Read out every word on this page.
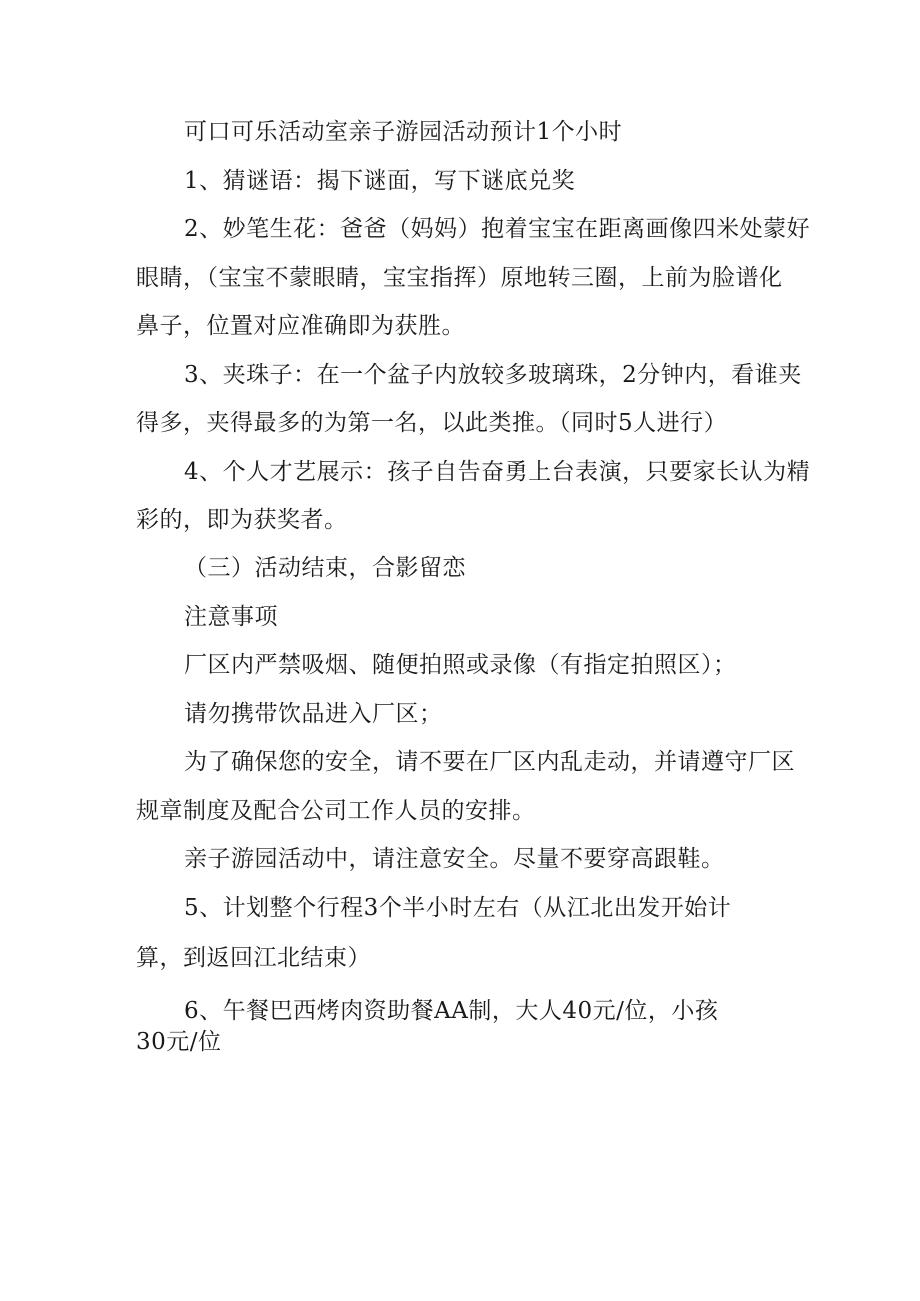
可口可乐活动室亲子游园活动预计1个小时
1、猜谜语：揭下谜面，写下谜底兑奖
2、妙笔生花：爸爸（妈妈）抱着宝宝在距离画像四米处蒙好
眼睛，（宝宝不蒙眼睛，宝宝指挥）原地转三圈，上前为脸谱化
鼻子，位置对应准确即为获胜。
3、夹珠子：在一个盆子内放较多玻璃珠，2分钟内，看谁夹
得多，夹得最多的为第一名，以此类推。（同时5人进行）
4、个人才艺展示：孩子自告奋勇上台表演，只要家长认为精
彩的，即为获奖者。
（三）活动结束，合影留恋
注意事项
厂区内严禁吸烟、随便拍照或录像（有指定拍照区）；
请勿携带饮品进入厂区；
为了确保您的安全，请不要在厂区内乱走动，并请遵守厂区
规章制度及配合公司工作人员的安排。
亲子游园活动中，请注意安全。尽量不要穿高跟鞋。
5、计划整个行程3个半小时左右（从江北出发开始计
算，到返回江北结束）
6、午餐巴西烤肉资助餐AA制，大人40元/位，小孩
30元/位
